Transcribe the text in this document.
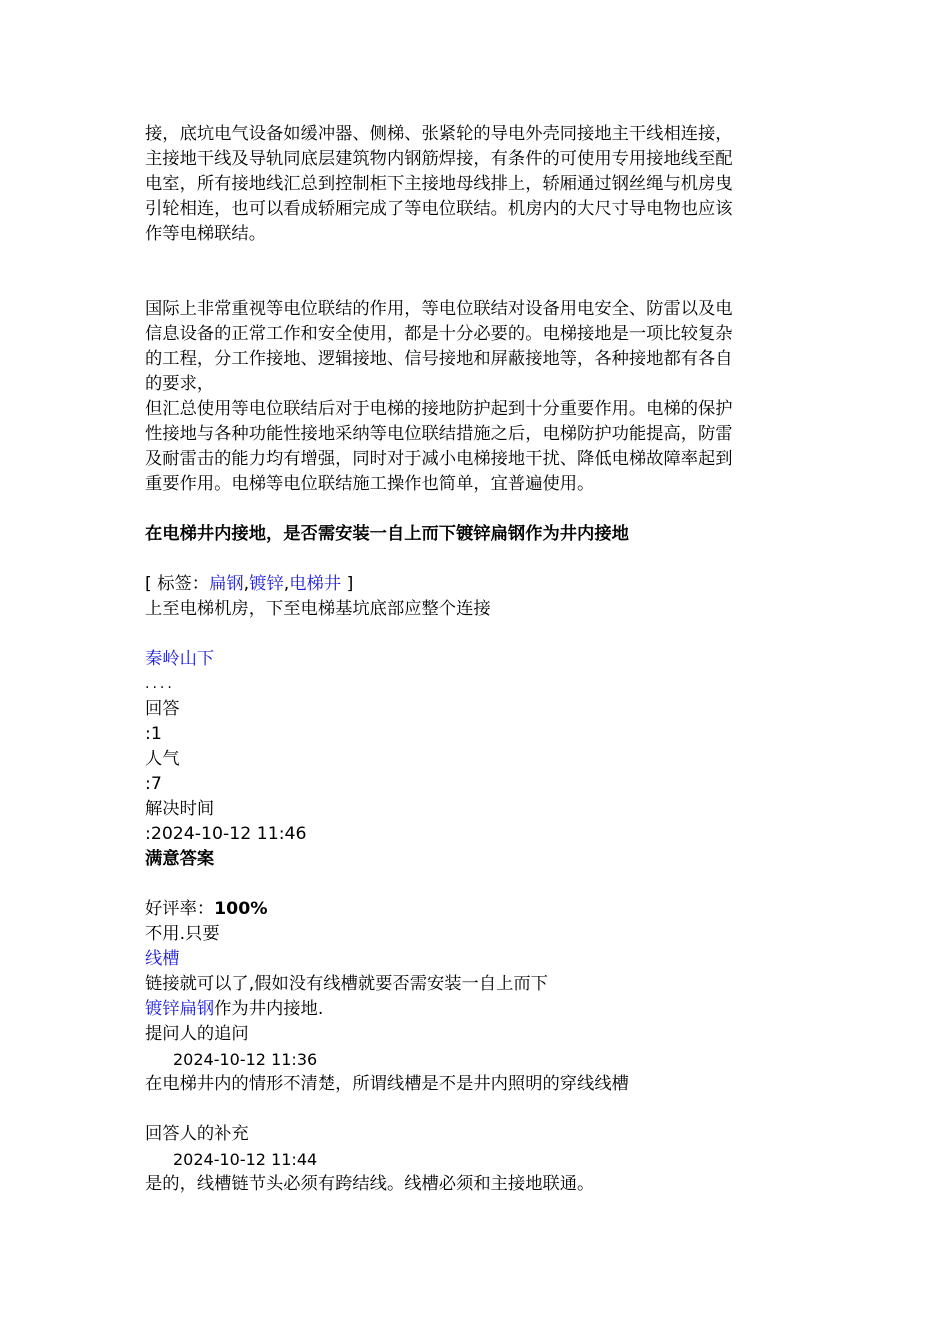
接，底坑电气设备如缓冲器、侧梯、张紧轮的导电外壳同接地主干线相连接，
主接地干线及导轨同底层建筑物内钢筋焊接，有条件的可使用专用接地线至配
电室，所有接地线汇总到控制柜下主接地母线排上，轿厢通过钢丝绳与机房曳
引轮相连，也可以看成轿厢完成了等电位联结。机房内的大尺寸导电物也应该
作等电梯联结。
国际上非常重视等电位联结的作用，等电位联结对设备用电安全、防雷以及电
信息设备的正常工作和安全使用，都是十分必要的。电梯接地是一项比较复杂
的工程，分工作接地、逻辑接地、信号接地和屏蔽接地等，各种接地都有各自
的要求，
但汇总使用等电位联结后对于电梯的接地防护起到十分重要作用。电梯的保护
性接地与各种功能性接地采纳等电位联结措施之后，电梯防护功能提高，防雷
及耐雷击的能力均有增强，同时对于减小电梯接地干扰、降低电梯故障率起到
重要作用。电梯等电位联结施工操作也简单，宜普遍使用。
在电梯井内接地，是否需安装一自上而下镀锌扁钢作为井内接地
[ 标签：扁钢,镀锌,电梯井 ]
上至电梯机房，下至电梯基坑底部应整个连接
秦岭山下
....
回答
:1
人气
:7
解决时间
:2024-10-12 11:46
满意答案
好评率：100%
不用.只要
线槽
链接就可以了,假如没有线槽就要否需安装一自上而下
镀锌扁钢作为井内接地.
提问人的追问
2024-10-12 11:36
在电梯井内的情形不清楚，所谓线槽是不是井内照明的穿线线槽
回答人的补充
2024-10-12 11:44
是的，线槽链节头必须有跨结线。线槽必须和主接地联通。
